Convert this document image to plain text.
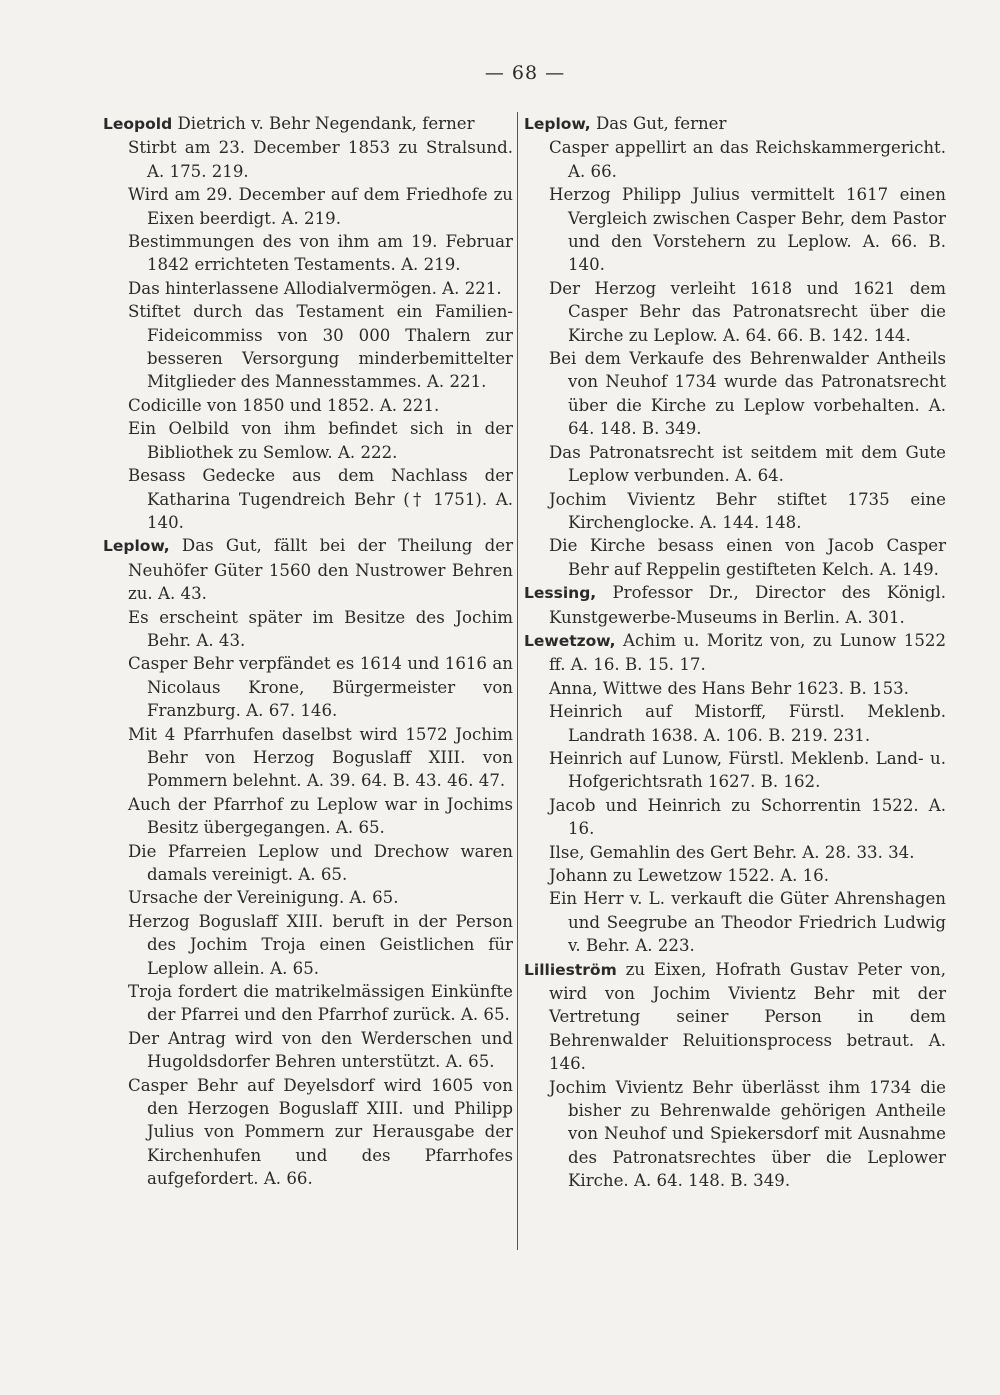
— 68 —

Leopold Dietrich v. Behr Negendank, ferner

Stirbt am 23. December 1853 zu Stralsund. A. 175. 219.

Wird am 29. December auf dem Friedhofe zu Eixen beerdigt. A. 219.

Bestimmungen des von ihm am 19. Februar 1842 errichteten Testaments. A. 219.

Das hinterlassene Allodialvermögen. A. 221.

Stiftet durch das Testament ein Familien-Fideicommiss von 30 000 Thalern zur besseren Versorgung minderbemittelter Mitglieder des Mannesstammes. A. 221.

Codicille von 1850 und 1852. A. 221.

Ein Oelbild von ihm befindet sich in der Bibliothek zu Semlow. A. 222.

Besass Gedecke aus dem Nachlass der Katharina Tugendreich Behr († 1751). A. 140.

Leplow, Das Gut, fällt bei der Theilung der Neuhöfer Güter 1560 den Nustrower Behren zu. A. 43.

Es erscheint später im Besitze des Jochim Behr. A. 43.

Casper Behr verpfändet es 1614 und 1616 an Nicolaus Krone, Bürgermeister von Franzburg. A. 67. 146.

Mit 4 Pfarrhufen daselbst wird 1572 Jochim Behr von Herzog Boguslaff XIII. von Pommern belehnt. A. 39. 64. B. 43. 46. 47.

Auch der Pfarrhof zu Leplow war in Jochims Besitz übergegangen. A. 65.

Die Pfarreien Leplow und Drechow waren damals vereinigt. A. 65.

Ursache der Vereinigung. A. 65.

Herzog Boguslaff XIII. beruft in der Person des Jochim Troja einen Geistlichen für Leplow allein. A. 65.

Troja fordert die matrikelmässigen Einkünfte der Pfarrei und den Pfarrhof zurück. A. 65.

Der Antrag wird von den Werderschen und Hugoldsdorfer Behren unterstützt. A. 65.

Casper Behr auf Deyelsdorf wird 1605 von den Herzogen Boguslaff XIII. und Philipp Julius von Pommern zur Herausgabe der Kirchenhufen und des Pfarrhofes aufgefordert. A. 66.

Leplow, Das Gut, ferner

Casper appellirt an das Reichskammergericht. A. 66.

Herzog Philipp Julius vermittelt 1617 einen Vergleich zwischen Casper Behr, dem Pastor und den Vorstehern zu Leplow. A. 66. B. 140.

Der Herzog verleiht 1618 und 1621 dem Casper Behr das Patronatsrecht über die Kirche zu Leplow. A. 64. 66. B. 142. 144.

Bei dem Verkaufe des Behrenwalder Antheils von Neuhof 1734 wurde das Patronatsrecht über die Kirche zu Leplow vorbehalten. A. 64. 148. B. 349.

Das Patronatsrecht ist seitdem mit dem Gute Leplow verbunden. A. 64.

Jochim Vivientz Behr stiftet 1735 eine Kirchenglocke. A. 144. 148.

Die Kirche besass einen von Jacob Casper Behr auf Reppelin gestifteten Kelch. A. 149.

Lessing, Professor Dr., Director des Königl. Kunstgewerbe-Museums in Berlin. A. 301.

Lewetzow, Achim u. Moritz von, zu Lunow 1522 ff. A. 16. B. 15. 17.

Anna, Wittwe des Hans Behr 1623. B. 153.

Heinrich auf Mistorff, Fürstl. Meklenb. Landrath 1638. A. 106. B. 219. 231.

Heinrich auf Lunow, Fürstl. Meklenb. Land- u. Hofgerichtsrath 1627. B. 162.

Jacob und Heinrich zu Schorrentin 1522. A. 16.

Ilse, Gemahlin des Gert Behr. A. 28. 33. 34.

Johann zu Lewetzow 1522. A. 16.

Ein Herr v. L. verkauft die Güter Ahrenshagen und Seegrube an Theodor Friedrich Ludwig v. Behr. A. 223.

Lillieström zu Eixen, Hofrath Gustav Peter von, wird von Jochim Vivientz Behr mit der Vertretung seiner Person in dem Behrenwalder Reluitionsprocess betraut. A. 146.

Jochim Vivientz Behr überlässt ihm 1734 die bisher zu Behrenwalde gehörigen Antheile von Neuhof und Spiekersdorf mit Ausnahme des Patronatsrechtes über die Leplower Kirche. A. 64. 148. B. 349.
